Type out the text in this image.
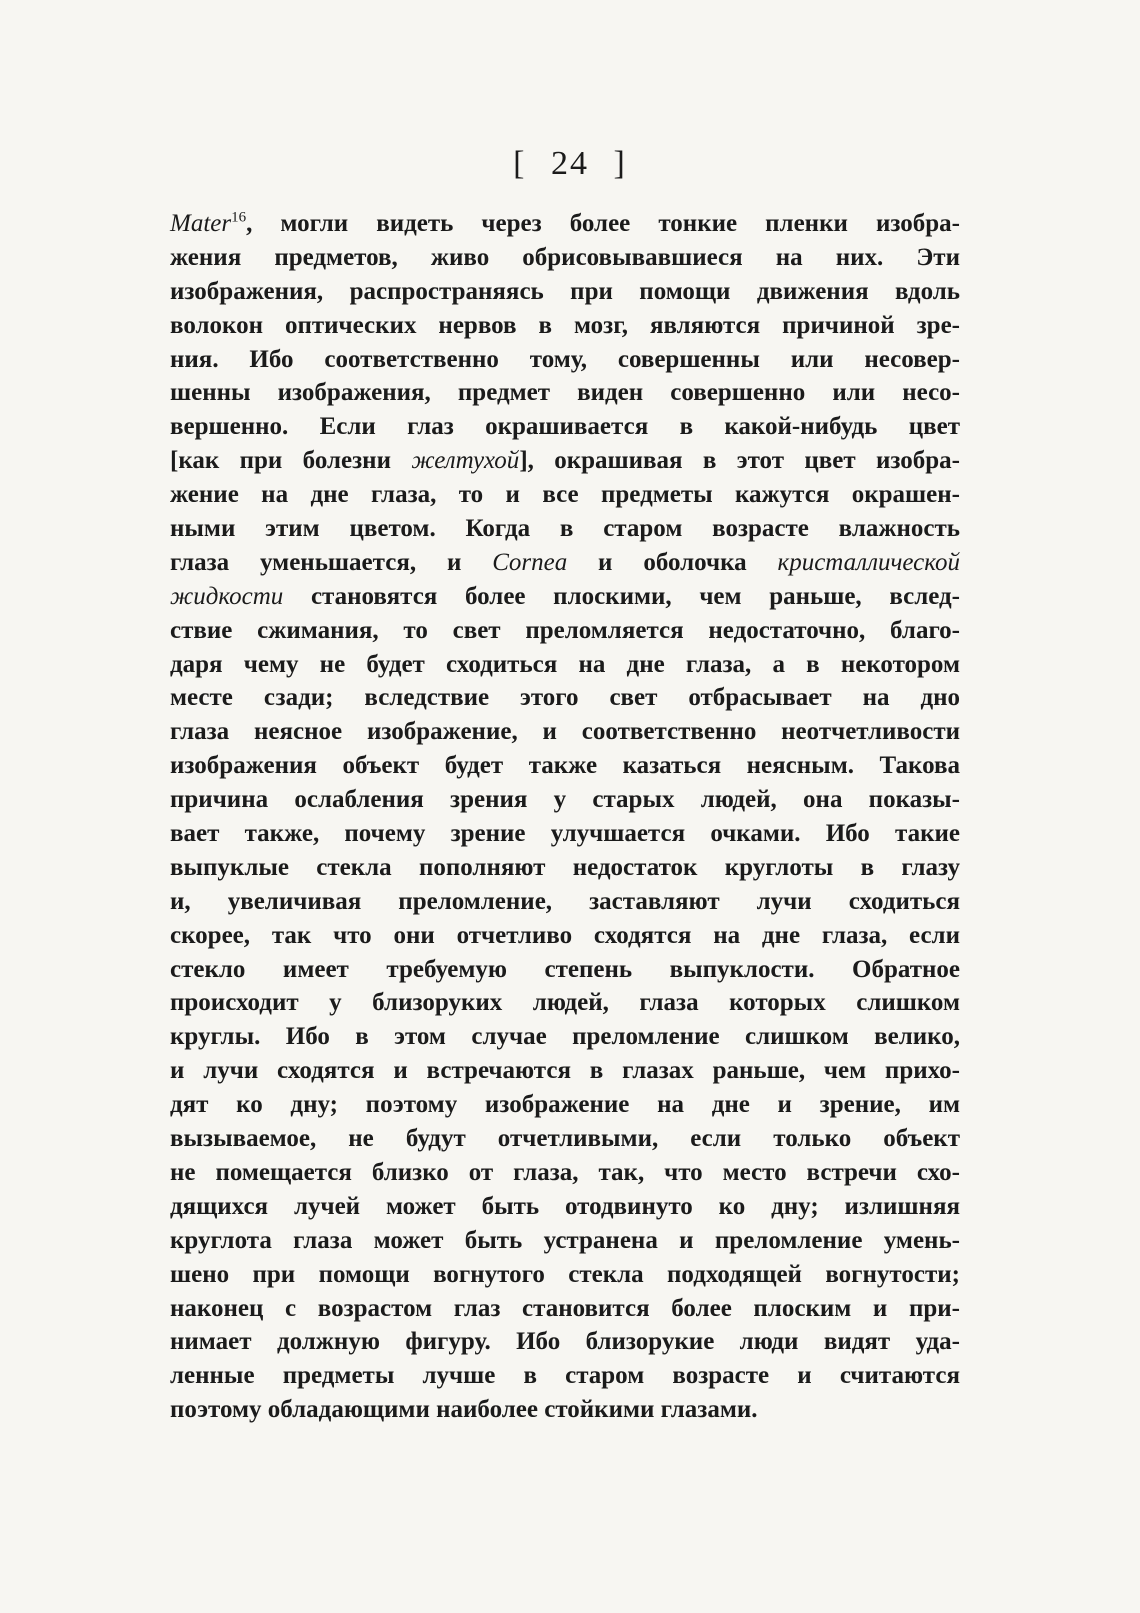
[ 24 ]
Mater$^{16}$, могли видеть через более тонкие пленки изобра-
жения предметов, живо обрисовывавшиеся на них. Эти
изображения, распространяясь при помощи движения вдоль
волокон оптических нервов в мозг, являются причиной зре-
ния. Ибо соответственно тому, совершенны или несовер-
шенны изображения, предмет виден совершенно или несо-
вершенно. Если глаз окрашивается в какой-нибудь цвет
[как при болезни желтухой], окрашивая в этот цвет изобра-
жение на дне глаза, то и все предметы кажутся окрашен-
ными этим цветом. Когда в старом возрасте влажность
глаза уменьшается, и Cornea и оболочка кристаллической
жидкости становятся более плоскими, чем раньше, вслед-
ствие сжимания, то свет преломляется недостаточно, благо-
даря чему не будет сходиться на дне глаза, а в некотором
месте сзади; вследствие этого свет отбрасывает на дно
глаза неясное изображение, и соответственно неотчетливости
изображения объект будет также казаться неясным. Такова
причина ослабления зрения у старых людей, она показы-
вает также, почему зрение улучшается очками. Ибо такие
выпуклые стекла пополняют недостаток круглоты в глазу
и, увеличивая преломление, заставляют лучи сходиться
скорее, так что они отчетливо сходятся на дне глаза, если
стекло имеет требуемую степень выпуклости. Обратное
происходит у близоруких людей, глаза которых слишком
круглы. Ибо в этом случае преломление слишком велико,
и лучи сходятся и встречаются в глазах раньше, чем прихо-
дят ко дну; поэтому изображение на дне и зрение, им
вызываемое, не будут отчетливыми, если только объект
не помещается близко от глаза, так, что место встречи схо-
дящихся лучей может быть отодвинуто ко дну; излишняя
круглота глаза может быть устранена и преломление умень-
шено при помощи вогнутого стекла подходящей вогнутости;
наконец с возрастом глаз становится более плоским и при-
нимает должную фигуру. Ибо близорукие люди видят уда-
ленные предметы лучше в старом возрасте и считаются
поэтому обладающими наиболее стойкими глазами.
